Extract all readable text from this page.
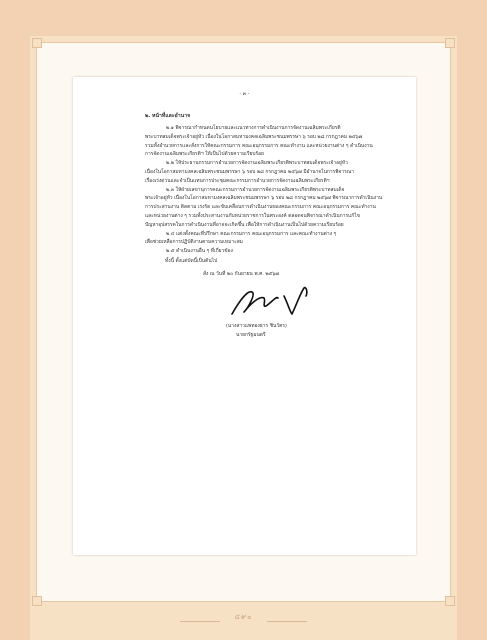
- ๓ -
๒. หน้าที่และอำนาจ
๒.๑ พิจารณากำหนดนโยบายและแนวทางการดำเนินงานการจัดงานเฉลิมพระเกียรติ
พระบาทสมเด็จพระเจ้าอยู่หัว เนื่องในโอกาสมหามงคลเฉลิมพระชนมพรรษา ๖ รอบ ๒๘ กรกฎาคม ๒๕๖๗
รวมทั้งอำนวยการและสั่งการให้คณะกรรมการ คณะอนุกรรมการ คณะทำงาน และหน่วยงานต่าง ๆ ดำเนินงาน
การจัดงานเฉลิมพระเกียรติฯ ให้เป็นไปด้วยความเรียบร้อย
๒.๒ ให้ประธานกรรมการอำนวยการจัดงานเฉลิมพระเกียรติพระบาทสมเด็จพระเจ้าอยู่หัว
เนื่องในโอกาสมหามงคลเฉลิมพระชนมพรรษา ๖ รอบ ๒๘ กรกฎาคม ๒๕๖๗ มีอำนาจในการพิจารณา
เรื่องเร่งด่วนและจำเป็นแทนการประชุมคณะกรรมการอำนวยการจัดงานเฉลิมพระเกียรติฯ
๒.๓ ให้ฝ่ายเลขานุการคณะกรรมการอำนวยการจัดงานเฉลิมพระเกียรติพระบาทสมเด็จ
พระเจ้าอยู่หัว เนื่องในโอกาสมหามงคลเฉลิมพระชนมพรรษา ๖ รอบ ๒๘ กรกฎาคม ๒๕๖๗ พิจารณาการดำเนินงาน
การประสานงาน ติดตาม เร่งรัด และขับเคลื่อนการดำเนินงานของคณะกรรมการ คณะอนุกรรมการ คณะทำงาน
และหน่วยงานต่าง ๆ รวมทั้งประสานงานกับหน่วยราชการในพระองค์ ตลอดจนพิจารณาดำเนินการแก้ไข
ปัญหาอุปสรรคในการดำเนินงานที่อาจจะเกิดขึ้น เพื่อให้การดำเนินงานเป็นไปด้วยความเรียบร้อย
๒.๔ แต่งตั้งคณะที่ปรึกษา คณะกรรมการ คณะอนุกรรมการ และคณะทำงานต่าง ๆ
เพื่อช่วยเหลือการปฏิบัติงานตามความเหมาะสม
๒.๕ ดำเนินงานอื่น ๆ ที่เกี่ยวข้อง
ทั้งนี้ ตั้งแต่บัดนี้เป็นต้นไป
สั่ง ณ วันที่ ๒๐ กันยายน พ.ศ. ๒๕๖๗
(นางสาวแพทองธาร ชินวัตร)
นายกรัฐมนตรี
๔๙๐
